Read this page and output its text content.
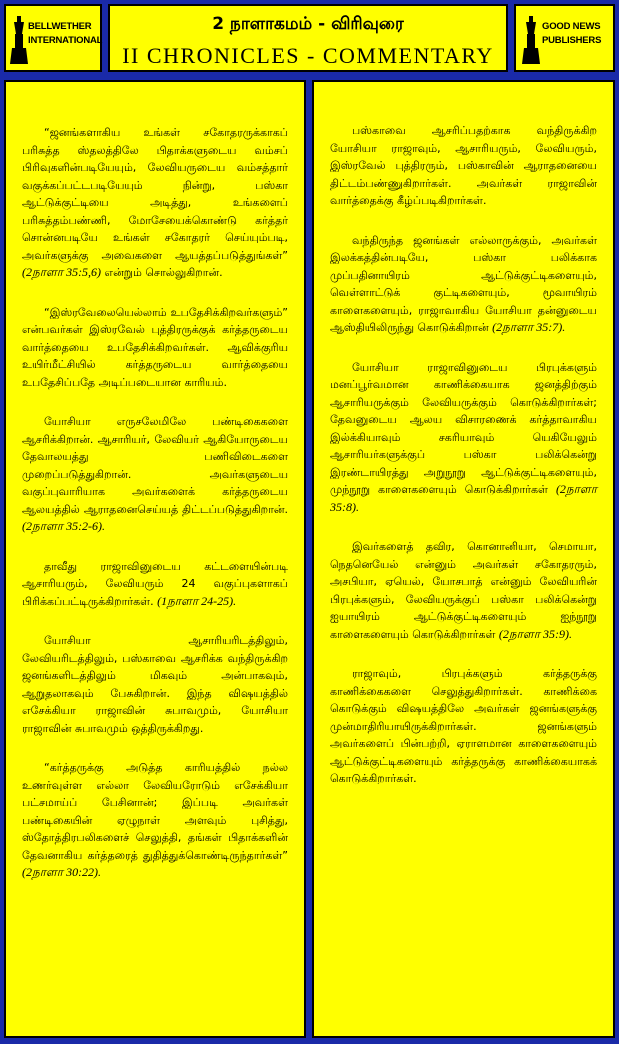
BELLWETHER
INTERNATIONAL
2 நாளாகமம் - விரிவுரை
II CHRONICLES - COMMENTARY
GOOD NEWS
PUBLISHERS

“ஜனங்களாகிய உங்கள் சகோதரருக்காகப் பரிசுத்த ஸ்தலத்திலே பிதாக்களுடைய வம்சப் பிரிவுகளின்படியேயும், லேவியருடைய வம்சத்தார் வகுக்கப்பட்டபடியேயும் நின்று, பஸ்கா ஆட்டுக்குட்டியை அடித்து, உங்களைப் பரிசுத்தம்பண்ணி, மோசேயைக்கொண்டு கர்த்தர் சொன்னபடியே உங்கள் சகோதரர் செய்யும்படி, அவர்களுக்கு அவைகளை ஆயத்தப்படுத்துங்கள்” (2நாளா 35:5,6) என்றும் சொல்லுகிறான்.

“இஸ்ரவேலையெல்லாம் உபதேசிக்கிறவர்களும்” என்பவர்கள் இஸ்ரவேல் புத்திரருக்குக் கர்த்தருடைய வார்த்தையை உபதேசிக்கிறவர்கள். ஆவிக்குரிய உயிர்மீட்சியில் கர்த்தருடைய வார்த்தையை உபதேசிப்பதே அடிப்படையான காரியம்.

யோசியா எருசலேமிலே பண்டிகைகளை ஆசரிக்கிறான். ஆசாரியர், லேவியர் ஆகியோருடைய தேவாலயத்து பணிவிடைகளை முறைப்படுத்துகிறான். அவர்களுடைய வகுப்புவாரியாக அவர்களைக் கர்த்தருடைய ஆலயத்தில் ஆராதனைசெய்யத் திட்டப்படுத்துகிறான். (2நாளா 35:2-6).

தாவீது ராஜாவினுடைய கட்டளையின்படி ஆசாரியரும், லேவியரும் 24 வகுப்புகளாகப் பிரிக்கப்பட்டிருக்கிறார்கள். (1நாளா 24-25).

யோசியா ஆசாரியரிடத்திலும், லேவியரிடத்திலும், பஸ்காவை ஆசரிக்க வந்திருக்கிற ஜனங்களிடத்திலும் மிகவும் அன்பாகவும், ஆறுதலாகவும் பேசுகிறான். இந்த விஷயத்தில் எசேக்கியா ராஜாவின் சுபாவமும், யோசியா ராஜாவின் சுபாவமும் ஒத்திருக்கிறது.

“கர்த்தருக்கு அடுத்த காரியத்தில் நல்ல உணர்வுள்ள எல்லா லேவியரோடும் எசேக்கியா பட்சமாய்ப் பேசினான்; இப்படி அவர்கள் பண்டிகையின் ஏழுநாள் அளவும் புசித்து, ஸ்தோத்திரபலிகளைச் செலுத்தி, தங்கள் பிதாக்களின் தேவனாகிய கர்த்தரைத் துதித்துக்கொண்டிருந்தார்கள்” (2நாளா 30:22).

பஸ்காவை ஆசரிப்பதற்காக வந்திருக்கிற யோசியா ராஜாவும், ஆசாரியரும், லேவியரும், இஸ்ரவேல் புத்திரரும், பஸ்காவின் ஆராதனையை திட்டம்பண்ணுகிறார்கள். அவர்கள் ராஜாவின் வார்த்தைக்கு கீழ்ப்படிகிறார்கள்.

வந்திருந்த ஜனங்கள் எல்லாருக்கும், அவர்கள் இலக்கத்தின்படியே, பஸ்கா பலிக்காக முப்பதினாயிரம் ஆட்டுக்குட்டிகளையும், வெள்ளாட்டுக் குட்டிகளையும், மூவாயிரம் காளைகளையும், ராஜாவாகிய யோசியா தன்னுடைய ஆஸ்தியிலிருந்து கொடுக்கிறான் (2நாளா 35:7).

யோசியா ராஜாவினுடைய பிரபுக்களும் மனப்பூர்வமான காணிக்கையாக ஜனத்திற்கும் ஆசாரியருக்கும் லேவியருக்கும் கொடுக்கிறார்கள்; தேவனுடைய ஆலய விசாரணைக் கர்த்தாவாகிய இல்க்கியாவும் சகரியாவும் யெகியேலும் ஆசாரியர்களுக்குப் பஸ்கா பலிக்கென்று இரண்டாயிரத்து அறுநூறு ஆட்டுக்குட்டிகளையும், முந்நூறு காளைகளையும் கொடுக்கிறார்கள் (2நாளா 35:8).

இவர்களைத் தவிர, கொனானியா, செமாயா, நெதனெயேல் என்னும் அவர்கள் சகோதரரும், அசபியா, ஏயெல், யோசபாத் என்னும் லேவியரின் பிரபுக்களும், லேவியருக்குப் பஸ்கா பலிக்கென்று ஐயாயிரம் ஆட்டுக்குட்டிகளையும் ஐந்நூறு காளைகளையும் கொடுக்கிறார்கள் (2நாளா 35:9).

ராஜாவும், பிரபுக்களும் கர்த்தருக்கு காணிக்கைகளை செலுத்துகிறார்கள். காணிக்கை கொடுக்கும் விஷயத்திலே அவர்கள் ஜனங்களுக்கு முன்மாதிரியாயிருக்கிறார்கள். ஜனங்களும் அவர்களைப் பின்பற்றி, ஏராளமான காளைகளையும் ஆட்டுக்குட்டிகளையும் கர்த்தருக்கு காணிக்கையாகக் கொடுக்கிறார்கள்.
